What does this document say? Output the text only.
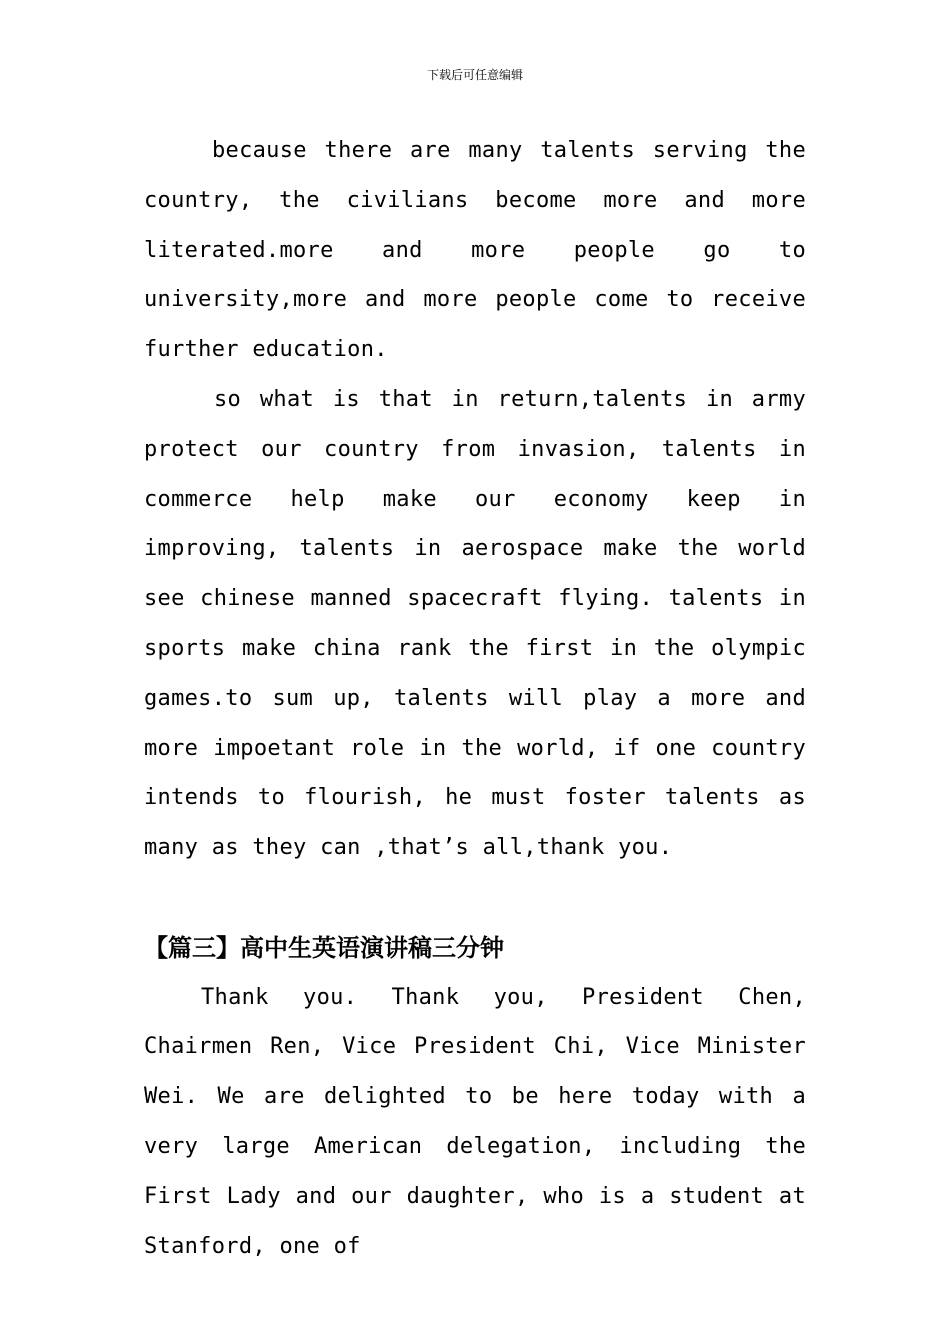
下载后可任意编辑

because there are many talents serving the country, the civilians become more and more literated.more and more people go to university,more and more people come to receive further education.

so what is that in return,talents in army protect our country from invasion, talents in commerce help make our economy keep in improving, talents in aerospace make the world see chinese manned spacecraft flying. talents in sports make china rank the first in the olympic games.to sum up, talents will play a more and more impoetant role in the world, if one country intends to flourish, he must foster talents as many as they can ,that’s all,thank you.

【篇三】高中生英语演讲稿三分钟

Thank you. Thank you, President Chen, Chairmen Ren, Vice President Chi, Vice Minister Wei. We are delighted to be here today with a very large American delegation, including the First Lady and our daughter, who is a student at Stanford, one of
